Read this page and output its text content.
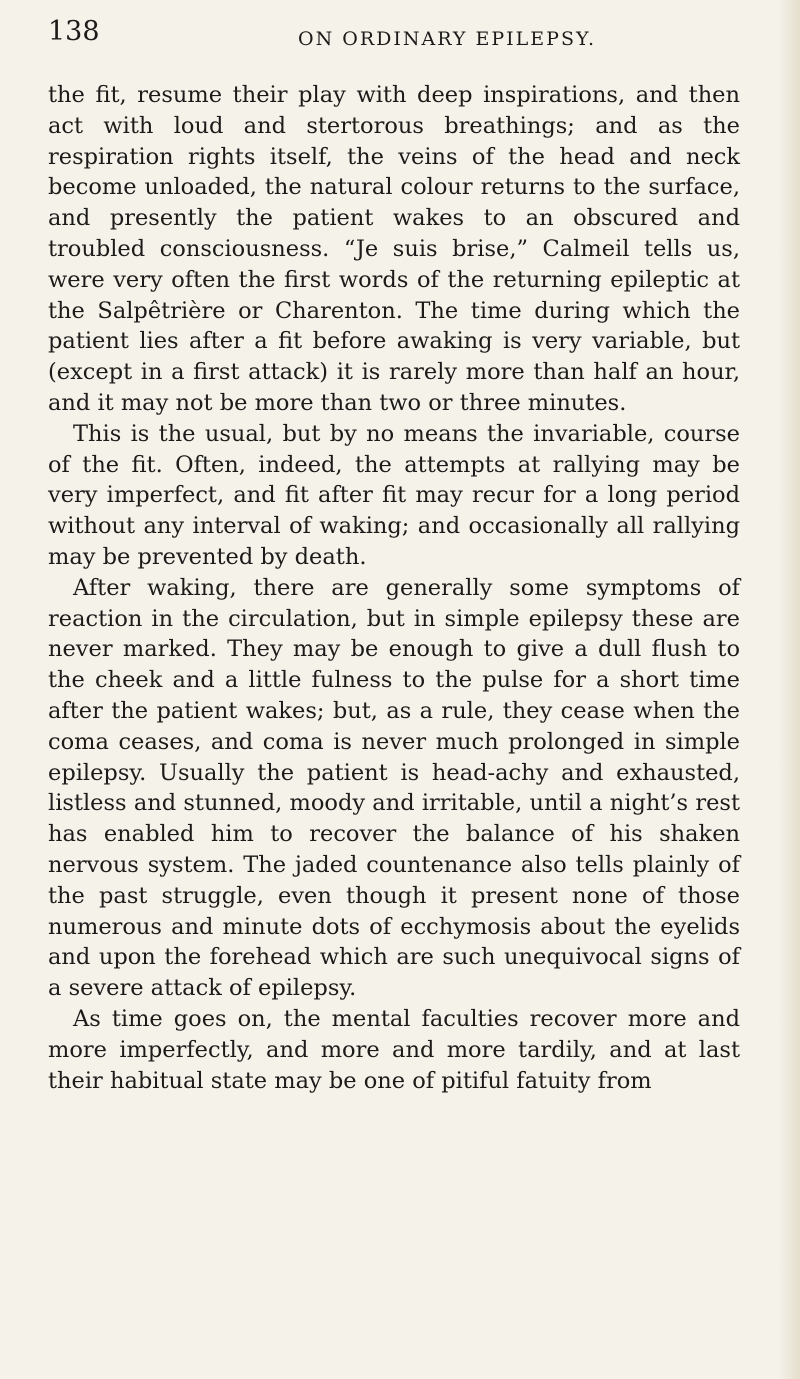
138	ON ORDINARY EPILEPSY.

the fit, resume their play with deep inspirations, and then act with loud and stertorous breathings; and as the respiration rights itself, the veins of the head and neck become unloaded, the natural colour returns to the surface, and presently the patient wakes to an obscured and troubled consciousness. “Je suis brise,” Calmeil tells us, were very often the first words of the returning epileptic at the Salpêtrière or Charenton. The time during which the patient lies after a fit before awaking is very variable, but (except in a first attack) it is rarely more than half an hour, and it may not be more than two or three minutes.

This is the usual, but by no means the invariable, course of the fit. Often, indeed, the attempts at rallying may be very imperfect, and fit after fit may recur for a long period without any interval of waking; and occasionally all rallying may be prevented by death.

After waking, there are generally some symptoms of reaction in the circulation, but in simple epilepsy these are never marked. They may be enough to give a dull flush to the cheek and a little fulness to the pulse for a short time after the patient wakes; but, as a rule, they cease when the coma ceases, and coma is never much prolonged in simple epilepsy. Usually the patient is head-achy and exhausted, listless and stunned, moody and irritable, until a night’s rest has enabled him to recover the balance of his shaken nervous system. The jaded countenance also tells plainly of the past struggle, even though it present none of those numerous and minute dots of ecchymosis about the eyelids and upon the forehead which are such unequivocal signs of a severe attack of epilepsy.

As time goes on, the mental faculties recover more and more imperfectly, and more and more tardily, and at last their habitual state may be one of pitiful fatuity from
